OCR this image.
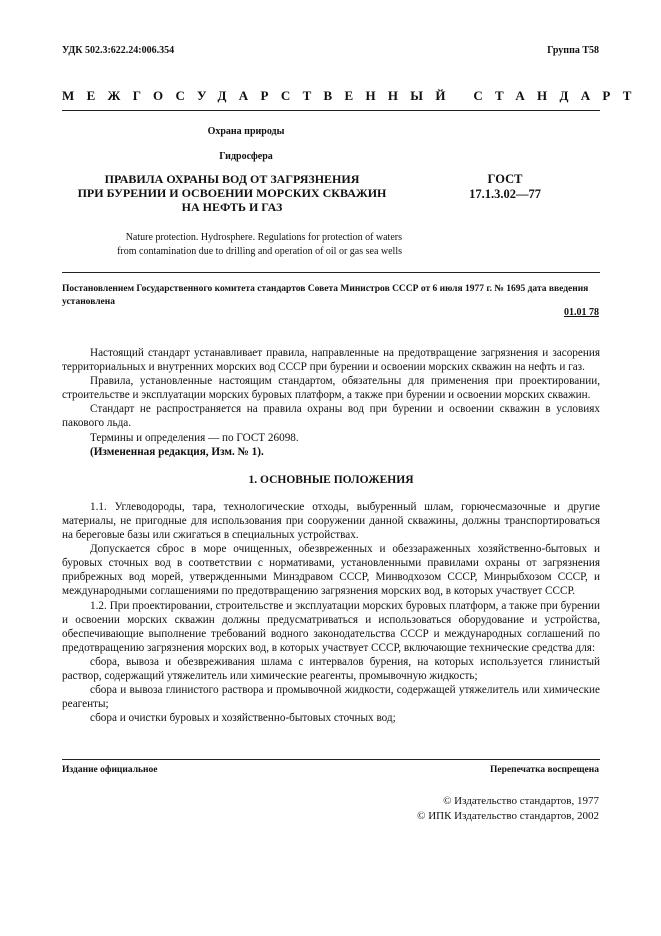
УДК 502.3:622.24:006.354	Группа Т58
МЕЖГОСУДАРСТВЕННЫЙ СТАНДАРТ
Охрана природы
Гидросфера
ПРАВИЛА ОХРАНЫ ВОД ОТ ЗАГРЯЗНЕНИЯ
ПРИ БУРЕНИИ И ОСВОЕНИИ МОРСКИХ СКВАЖИН
НА НЕФТЬ И ГАЗ
ГОСТ
17.1.3.02—77
Nature protection. Hydrosphere. Regulations for protection of waters
from contamination due to drilling and operation of oil or gas sea wells
Постановлением Государственного комитета стандартов Совета Министров СССР от 6 июля 1977 г. № 1695 дата введения установлена
01.01 78

Настоящий стандарт устанавливает правила, направленные на предотвращение загрязнения и засорения территориальных и внутренних морских вод СССР при бурении и освоении морских скважин на нефть и газ.

Правила, установленные настоящим стандартом, обязательны для применения при проектировании, строительстве и эксплуатации морских буровых платформ, а также при бурении и освоении морских скважин.

Стандарт не распространяется на правила охраны вод при бурении и освоении скважин в условиях пакового льда.

Термины и определения — по ГОСТ 26098.

(Измененная редакция, Изм. № 1).

1. ОСНОВНЫЕ ПОЛОЖЕНИЯ

1.1. Углеводороды, тара, технологические отходы, выбуренный шлам, горючесмазочные и другие материалы, не пригодные для использования при сооружении данной скважины, должны транспортироваться на береговые базы или сжигаться в специальных устройствах.

Допускается сброс в море очищенных, обезвреженных и обеззараженных хозяйственно-бытовых и буровых сточных вод в соответствии с нормативами, установленными правилами охраны от загрязнения прибрежных вод морей, утвержденными Минздравом СССР, Минводхозом СССР, Минрыбхозом СССР, и международными соглашениями по предотвращению загрязнения морских вод, в которых участвует СССР.

1.2. При проектировании, строительстве и эксплуатации морских буровых платформ, а также при бурении и освоении морских скважин должны предусматриваться и использоваться оборудование и устройства, обеспечивающие выполнение требований водного законодательства СССР и международных соглашений по предотвращению загрязнения морских вод, в которых участвует СССР, включающие технические средства для:

сбора, вывоза и обезвреживания шлама с интервалов бурения, на которых используется глинистый раствор, содержащий утяжелитель или химические реагенты, промывочную жидкость;

сбора и вывоза глинистого раствора и промывочной жидкости, содержащей утяжелитель или химические реагенты;

сбора и очистки буровых и хозяйственно-бытовых сточных вод;

Издание официальное	Перепечатка воспрещена
© Издательство стандартов, 1977
© ИПК Издательство стандартов, 2002
